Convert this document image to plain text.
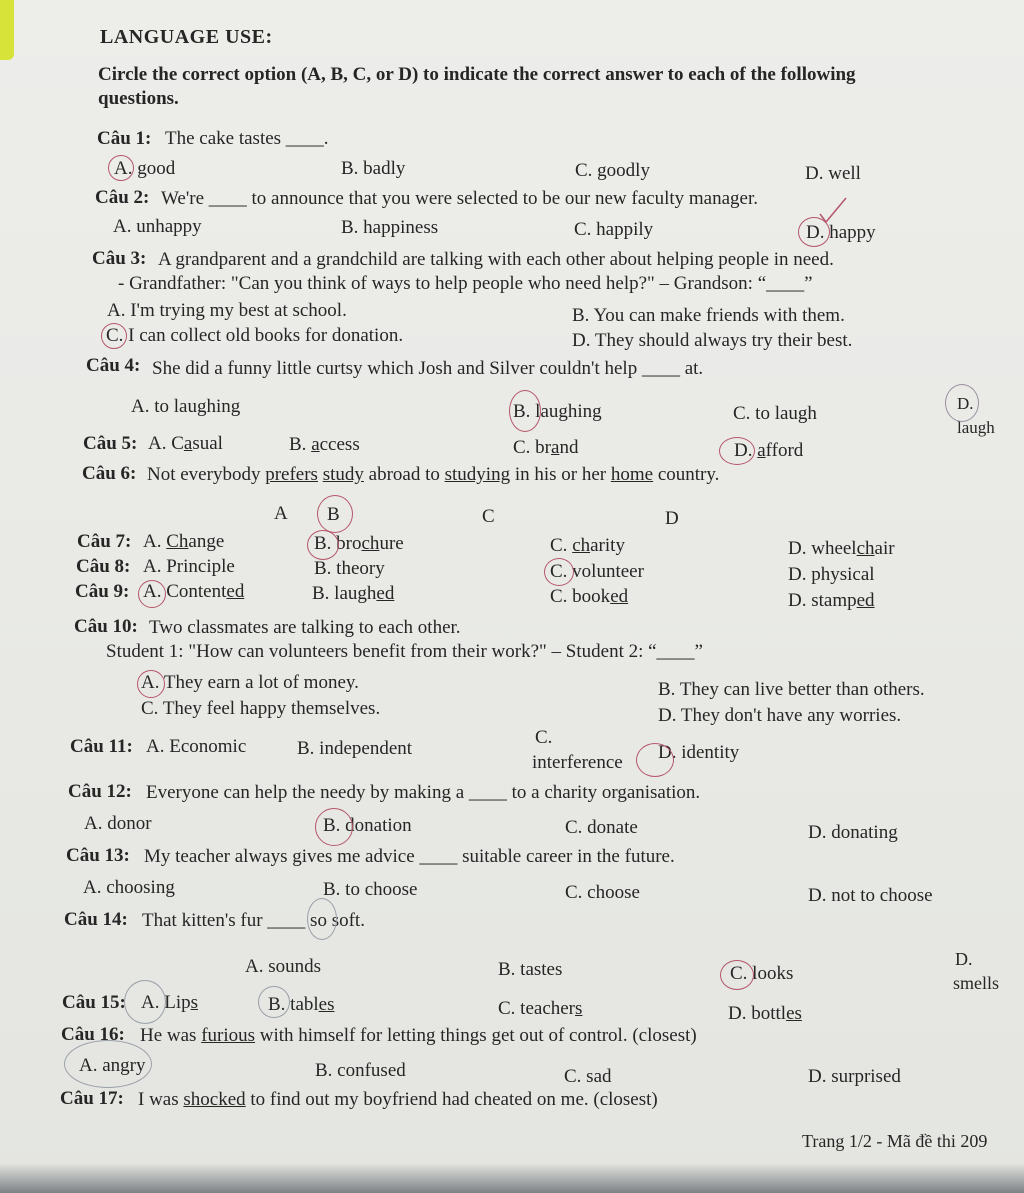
LANGUAGE USE:
Circle the correct option (A, B, C, or D) to indicate the correct answer to each of the following
questions.
Câu 1: The cake tastes ____.
A. good	B. badly	C. goodly	D. well
Câu 2: We're ____ to announce that you were selected to be our new faculty manager.
A. unhappy	B. happiness	C. happily	D. happy
Câu 3: A grandparent and a grandchild are talking with each other about helping people in need.
- Grandfather: "Can you think of ways to help people who need help?" – Grandson: “____”
A. I'm trying my best at school.	B. You can make friends with them.
C. I can collect old books for donation.	D. They should always try their best.
Câu 4: She did a funny little curtsy which Josh and Silver couldn't help ____ at.
A. to laughing	B. laughing	C. to laugh	D.
laugh
Câu 5: A. Casual	B. access	C. brand	D. afford
Câu 6: Not everybody prefers study abroad to studying in his or her home country.
A B	C	D
Câu 7: A. Change	B. brochure	C. charity	D. wheelchair
Câu 8: A. Principle	B. theory	C. volunteer	D. physical
Câu 9: A. Contented	B. laughed	C. booked	D. stamped
Câu 10: Two classmates are talking to each other.
Student 1: "How can volunteers benefit from their work?" – Student 2: “____”
A. They earn a lot of money.	B. They can live better than others.
C. They feel happy themselves.	D. They don't have any worries.
Câu 11: A. Economic	B. independent
C.
interference D. identity
Câu 12: Everyone can help the needy by making a ____ to a charity organisation.
A. donor	B. donation	C. donate	D. donating
Câu 13: My teacher always gives me advice ____ suitable career in the future.
A. choosing	B. to choose	C. choose	D. not to choose
Câu 14: That kitten's fur ____ so soft.
A. sounds	B. tastes	C. looks
D.
smells
Câu 15: A. Lips	B. tables	C. teachers	D. bottles
Câu 16: He was furious with himself for letting things get out of control. (closest)
A. angry	B. confused	C. sad	D. surprised
Câu 17: I was shocked to find out my boyfriend had cheated on me. (closest)
Trang 1/2 - Mã đề thi 209
